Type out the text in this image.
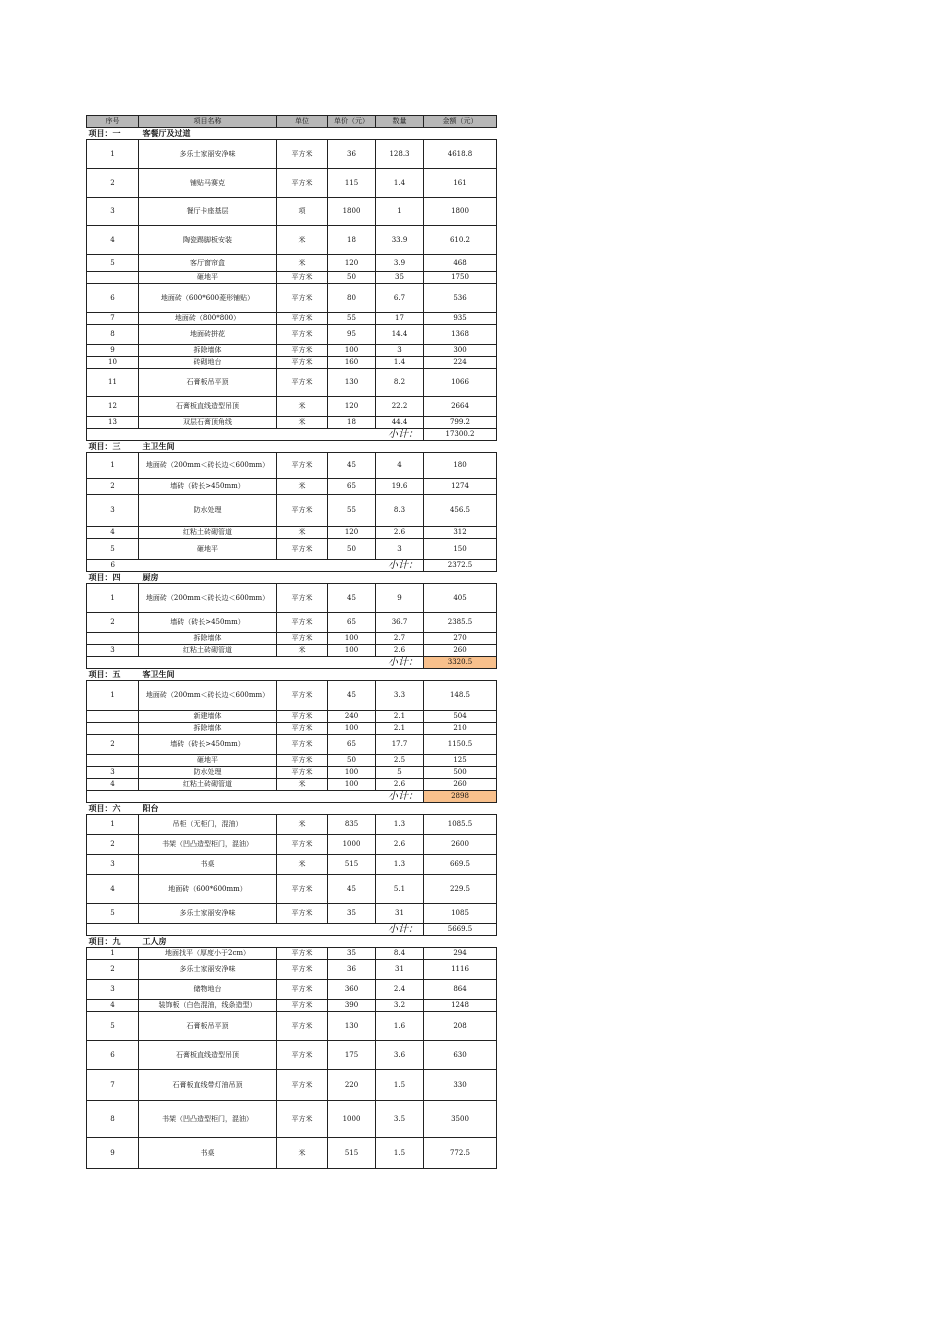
序号	项目名称	单位	单价（元）	数量	金额（元）
项目：一 客餐厅及过道					
1	多乐士家丽安净味	平方米	36	128.3	4618.8
2	铺贴马赛克	平方米	115	1.4	161
3	餐厅卡座基层	项	1800	1	1800
4	陶瓷踢脚板安装	米	18	33.9	610.2
5	客厅窗帘盒	米	120	3.9	468
	砸地平	平方米	50	35	1750
6	地面砖（600*600菱形铺贴）	平方米	80	6.7	536
7	地面砖（800*800）	平方米	55	17	935
8	地面砖拼花	平方米	95	14.4	1368
9	拆除墙体	平方米	100	3	300
10	砖砌地台	平方米	160	1.4	224
11	石膏板吊平顶	平方米	130	8.2	1066
12	石膏板直线造型吊顶	米	120	22.2	2664
13	双层石膏顶角线	米	18	44.4	799.2
	小计：				17300.2
项目：三 主卫生间					
1	地面砖（200mm＜砖长边＜600mm）	平方米	45	4	180
2	墙砖（砖长>450mm）	米	65	19.6	1274
3	防水处理	平方米	55	8.3	456.5
4	红粘土砖砌管道	米	120	2.6	312
5	砸地平	平方米	50	3	150
6	小计：				2372.5
项目：四 厨房					
1	地面砖（200mm＜砖长边＜600mm）	平方米	45	9	405
2	墙砖（砖长>450mm）	平方米	65	36.7	2385.5
	拆除墙体	平方米	100	2.7	270
3	红粘土砖砌管道	米	100	2.6	260
	小计：				3320.5
项目：五 客卫生间					
1	地面砖（200mm＜砖长边＜600mm）	平方米	45	3.3	148.5
	新建墙体	平方米	240	2.1	504
	拆除墙体	平方米	100	2.1	210
2	墙砖（砖长>450mm）	平方米	65	17.7	1150.5
	砸地平	平方米	50	2.5	125
3	防水处理	平方米	100	5	500
4	红粘土砖砌管道	米	100	2.6	260
	小计：				2898
项目：六 阳台					
1	吊柜（无柜门，混油）	米	835	1.3	1085.5
2	书架（凹凸造型柜门，混油）	平方米	1000	2.6	2600
3	书桌	米	515	1.3	669.5
4	地面砖（600*600mm）	平方米	45	5.1	229.5
5	多乐士家丽安净味	平方米	35	31	1085
	小计：				5669.5
项目：九 工人房					
1	地面找平（厚度小于2cm）	平方米	35	8.4	294
2	多乐士家丽安净味	平方米	36	31	1116
3	储物地台	平方米	360	2.4	864
4	装饰板（白色混油，线条造型）	平方米	390	3.2	1248
5	石膏板吊平顶	平方米	130	1.6	208
6	石膏板直线造型吊顶	平方米	175	3.6	630
7	石膏板直线带灯油吊顶	平方米	220	1.5	330
8	书架（凹凸造型柜门，混油）	平方米	1000	3.5	3500
9	书桌	米	515	1.5	772.5
